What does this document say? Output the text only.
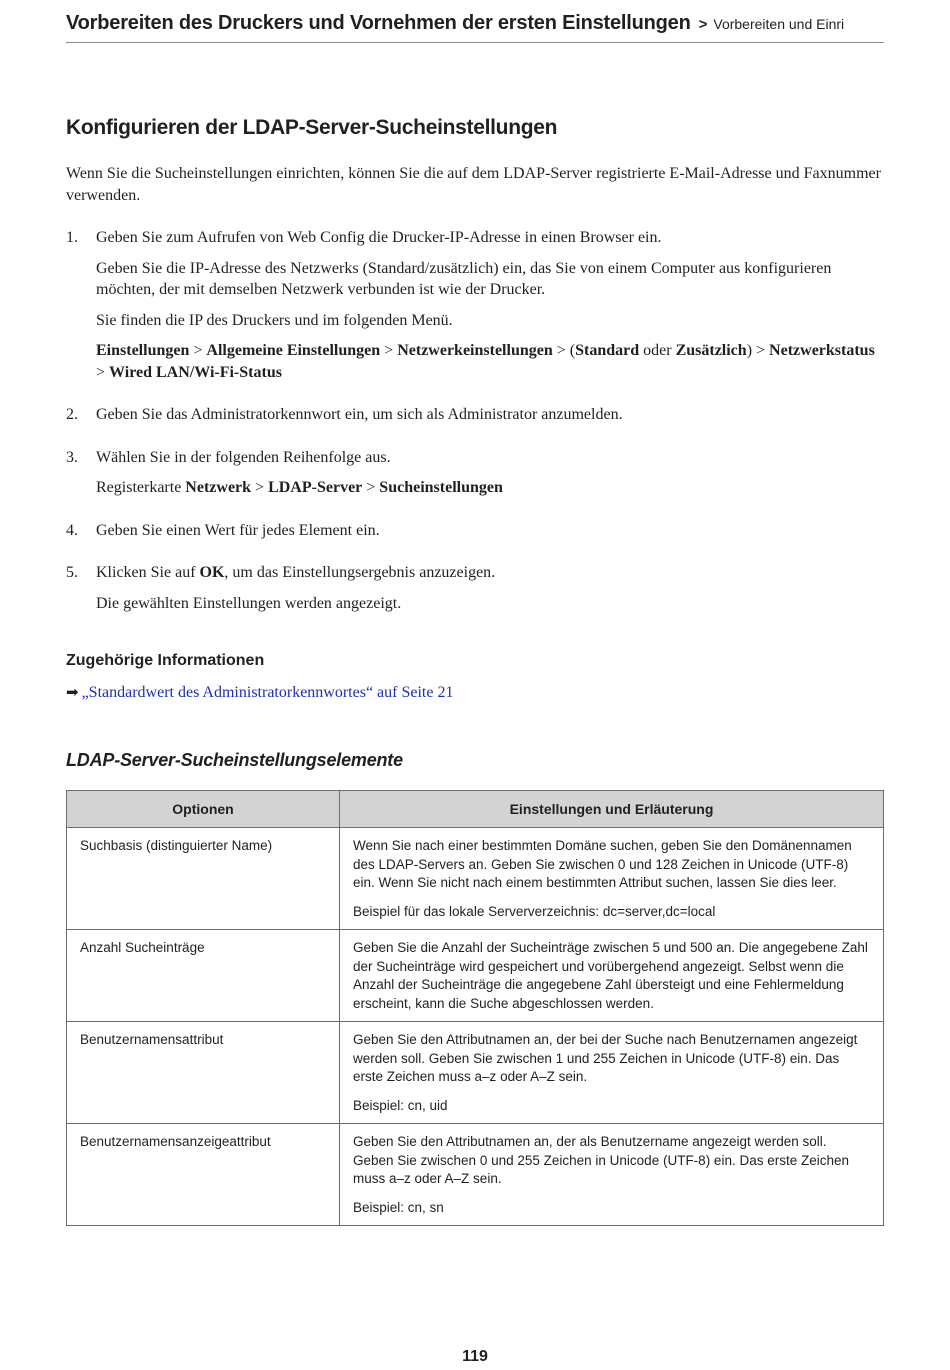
Vorbereiten des Druckers und Vornehmen der ersten Einstellungen > Vorbereiten und Einri
Konfigurieren der LDAP-Server-Sucheinstellungen

Wenn Sie die Sucheinstellungen einrichten, können Sie die auf dem LDAP-Server registrierte E-Mail-Adresse und Faxnummer verwenden.

1. Geben Sie zum Aufrufen von Web Config die Drucker-IP-Adresse in einen Browser ein.

Geben Sie die IP-Adresse des Netzwerks (Standard/zusätzlich) ein, das Sie von einem Computer aus konfigurieren möchten, der mit demselben Netzwerk verbunden ist wie der Drucker.

Sie finden die IP des Druckers und im folgenden Menü.

Einstellungen > Allgemeine Einstellungen > Netzwerkeinstellungen > (Standard oder Zusätzlich) > Netzwerkstatus > Wired LAN/Wi-Fi-Status

2. Geben Sie das Administratorkennwort ein, um sich als Administrator anzumelden.

3. Wählen Sie in der folgenden Reihenfolge aus.

Registerkarte Netzwerk > LDAP-Server > Sucheinstellungen

4. Geben Sie einen Wert für jedes Element ein.

5. Klicken Sie auf OK, um das Einstellungsergebnis anzuzeigen.

Die gewählten Einstellungen werden angezeigt.

Zugehörige Informationen
➡ „Standardwert des Administratorkennwortes“ auf Seite 21
LDAP-Server-Sucheinstellungselemente
Optionen	Einstellungen und Erläuterung

Suchbasis (distinguierter Name)	Wenn Sie nach einer bestimmten Domäne suchen, geben Sie den Domänennamen des LDAP-Servers an. Geben Sie zwischen 0 und 128 Zeichen in Unicode (UTF-8) ein. Wenn Sie nicht nach einem bestimmten Attribut suchen, lassen Sie dies leer.

Beispiel für das lokale Serververzeichnis: dc=server,dc=local

Anzahl Sucheinträge	Geben Sie die Anzahl der Sucheinträge zwischen 5 und 500 an. Die angegebene Zahl der Sucheinträge wird gespeichert und vorübergehend angezeigt. Selbst wenn die Anzahl der Sucheinträge die angegebene Zahl übersteigt und eine Fehlermeldung erscheint, kann die Suche abgeschlossen werden.

Benutzernamensattribut	Geben Sie den Attributnamen an, der bei der Suche nach Benutzernamen angezeigt werden soll. Geben Sie zwischen 1 und 255 Zeichen in Unicode (UTF-8) ein. Das erste Zeichen muss a–z oder A–Z sein.

Beispiel: cn, uid

Benutzernamensanzeigeattribut	Geben Sie den Attributnamen an, der als Benutzername angezeigt werden soll. Geben Sie zwischen 0 und 255 Zeichen in Unicode (UTF-8) ein. Das erste Zeichen muss a–z oder A–Z sein.

Beispiel: cn, sn

119
